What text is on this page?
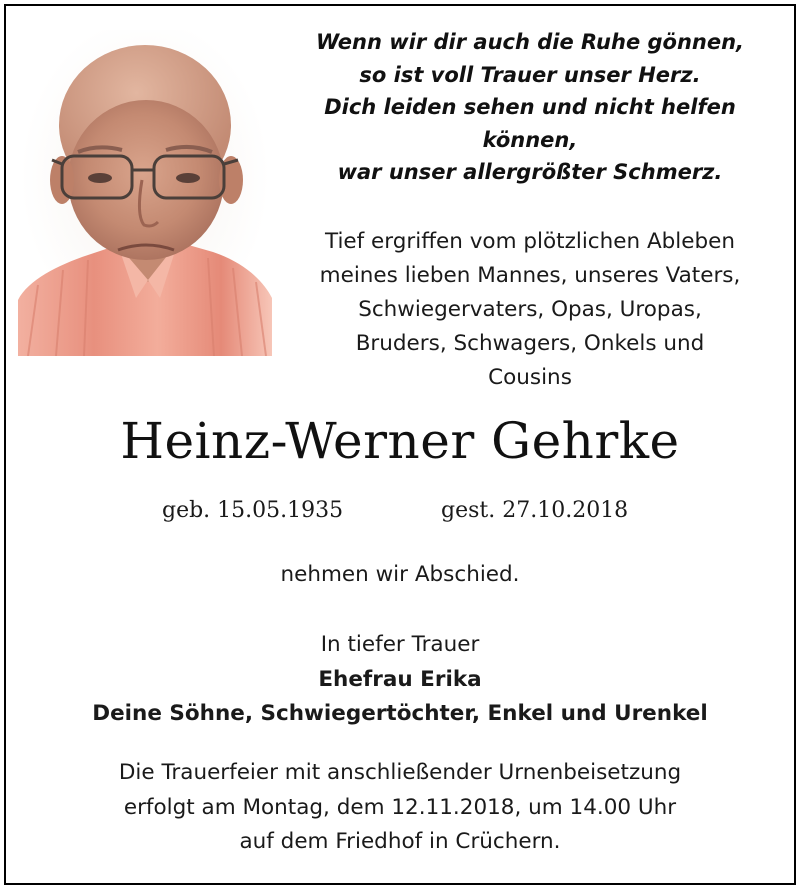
Wenn wir dir auch die Ruhe gönnen,
so ist voll Trauer unser Herz.
Dich leiden sehen und nicht helfen
können,
war unser allergrößter Schmerz.
Tief ergriffen vom plötzlichen Ableben
meines lieben Mannes, unseres Vaters,
Schwiegervaters, Opas, Uropas,
Bruders, Schwagers, Onkels und
Cousins
Heinz-Werner Gehrke
geb. 15.05.1935	gest. 27.10.2018
nehmen wir Abschied.
In tiefer Trauer
Ehefrau Erika
Deine Söhne, Schwiegertöchter, Enkel und Urenkel
Die Trauerfeier mit anschließender Urnenbeisetzung
erfolgt am Montag, dem 12.11.2018, um 14.00 Uhr
auf dem Friedhof in Crüchern.
